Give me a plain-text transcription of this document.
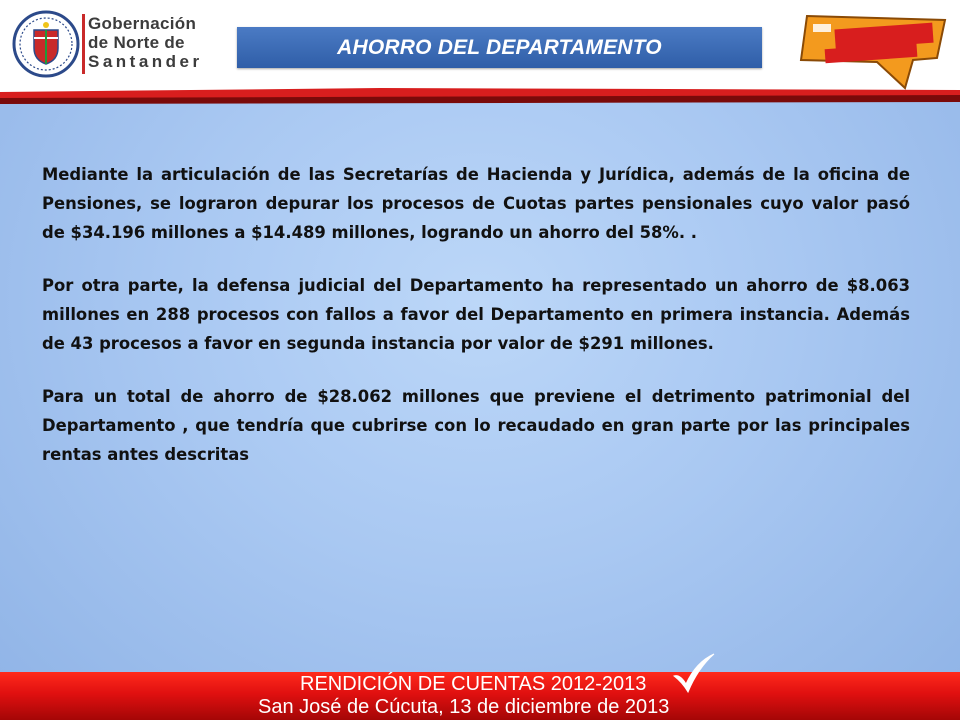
Gobernación
de Norte de
Santander
AHORRO DEL DEPARTAMENTO

Mediante la articulación de las Secretarías de Hacienda y Jurídica, además de la oficina de Pensiones, se lograron depurar los procesos de Cuotas partes pensionales cuyo valor pasó de $34.196 millones a $14.489 millones, logrando un ahorro del 58%. .

Por otra parte, la defensa judicial del Departamento ha representado un ahorro de $8.063 millones en 288 procesos con fallos a favor del Departamento en primera instancia. Además de 43 procesos a favor en segunda instancia por valor de $291 millones.

Para un total de ahorro de $28.062 millones que previene el detrimento patrimonial del Departamento , que tendría que cubrirse con lo recaudado en gran parte por las principales rentas antes descritas

RENDICIÓN DE CUENTAS 2012-2013
San José de Cúcuta, 13 de diciembre de 2013
